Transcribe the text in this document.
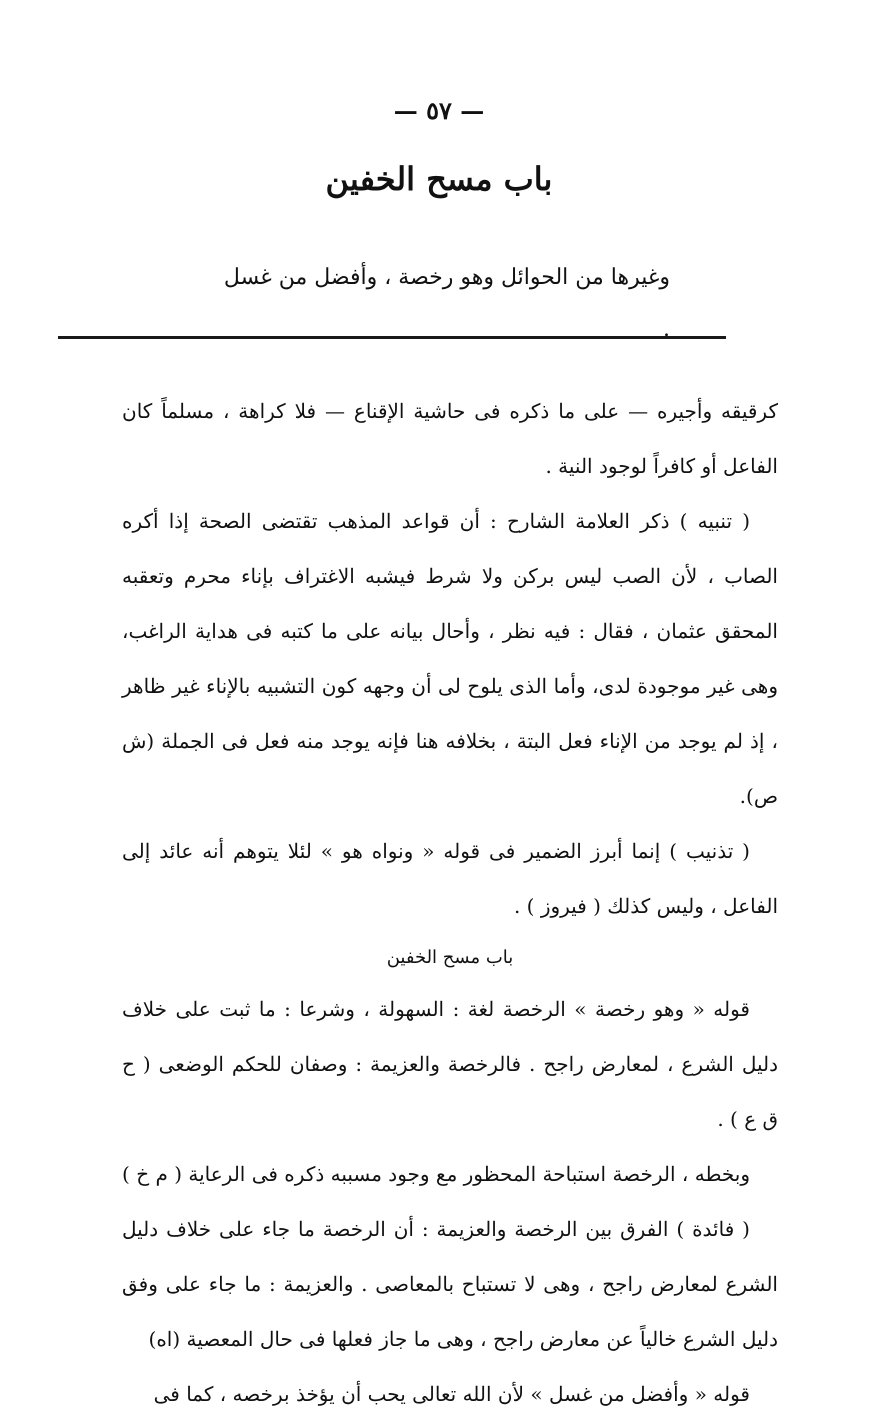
— ٥٧ —
باب مسح الخفين
وغيرها من الحوائل وهو رخصة ، وأفضل من غسل .

كرقيقه وأجيره — على ما ذكره فى حاشية الإقناع — فلا كراهة ، مسلماً كان الفاعل أو كافراً لوجود النية .

( تنبيه ) ذكر العلامة الشارح : أن قواعد المذهب تقتضى الصحة إذا أكره الصاب ، لأن الصب ليس بركن ولا شرط فيشبه الاغتراف بإناء محرم وتعقبه المحقق عثمان ، فقال : فيه نظر ، وأحال بيانه على ما كتبه فى هداية الراغب، وهى غير موجودة لدى، وأما الذى يلوح لى أن وجهه كون التشبيه بالإناء غير ظاهر ، إذ لم يوجد من الإناء فعل البتة ، بخلافه هنا فإنه يوجد منه فعل فى الجملة (ش ص).

( تذنيب ) إنما أبرز الضمير فى قوله « ونواه هو » لئلا يتوهم أنه عائد إلى الفاعل ، وليس كذلك ( فيروز ) .

باب مسح الخفين

قوله « وهو رخصة » الرخصة لغة : السهولة ، وشرعا : ما ثبت على خلاف دليل الشرع ، لمعارض راجح . فالرخصة والعزيمة : وصفان للحكم الوضعى ( ح ق ع ) .

وبخطه ، الرخصة استباحة المحظور مع وجود مسببه ذكره فى الرعاية ( م خ )

( فائدة ) الفرق بين الرخصة والعزيمة : أن الرخصة ما جاء على خلاف دليل الشرع لمعارض راجح ، وهى لا تستباح بالمعاصى . والعزيمة : ما جاء على وفق دليل الشرع خالياً عن معارض راجح ، وهى ما جاز فعلها فى حال المعصية (اه)

قوله « وأفضل من غسل » لأن الله تعالى يحب أن يؤخذ برخصه ، كما فى
